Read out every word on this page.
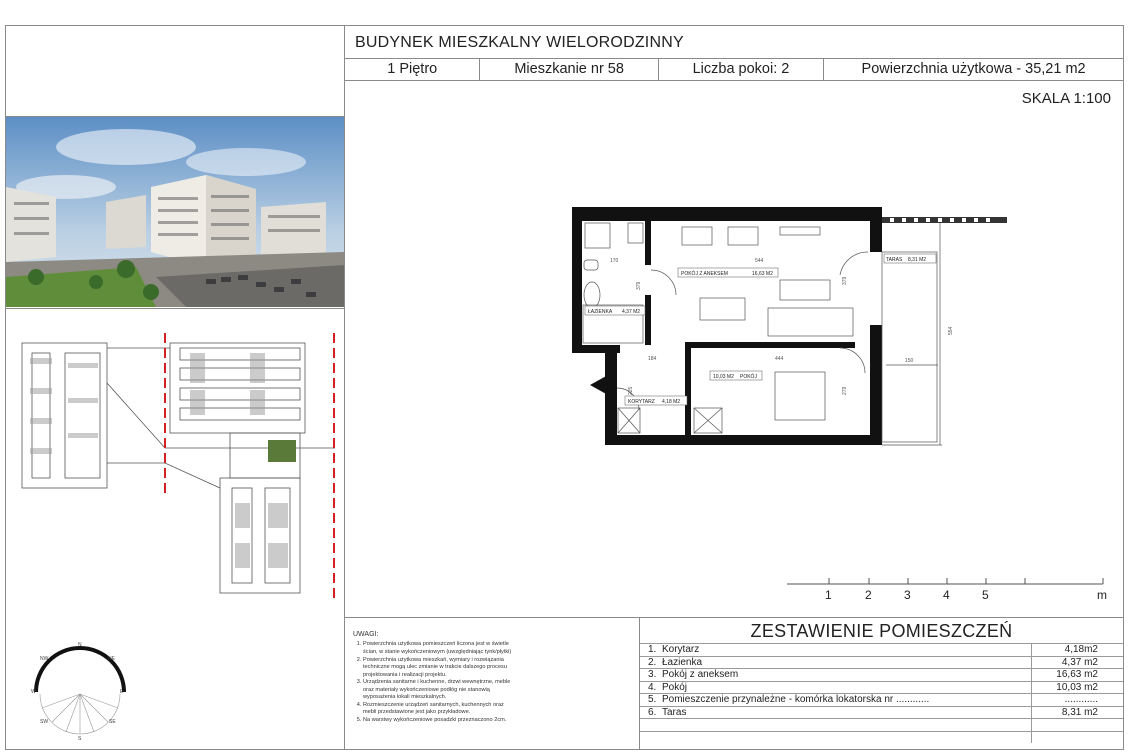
BUDYNEK MIESZKALNY WIELORODZINNY
1 Piętro	Mieszkanie nr 58	Liczba pokoi: 2	Powierzchnia użytkowa - 35,21 m2
SKALA 1:100
POKÓJ Z ANEKSEM	16,63 M2
ŁAZIENKA 4,37 M2
KORYTARZ 4,18 M2
10,03 M2 POKÓJ
TARAS 8,31 M2
544
170
379
184	444	150
554
379
225	279
1	2	3	4	5	m
N
NE
E
SE
S
SW
W
NW
UWAGI:
1. Powierzchnia użytkowa pomieszczeń liczona jest w świetle ścian, w stanie wykończeniowym (uwzględniając tynk/płytki)
2. Powierzchnia użytkowa mieszkań, wymiary i rozwiązania techniczne mogą ulec zmianie w trakcie dalszego procesu projektowania i realizacji projektu.
3. Urządzenia sanitarne i kuchenne, drzwi wewnętrzne, meble oraz materiały wykończeniowe podłóg nie stanowią wyposażenia lokali mieszkalnych.
4. Rozmieszczenie urządzeń sanitarnych, kuchennych oraz mebli przedstawione jest jako przykładowe.
5. Na warstwy wykończeniowe posadzki przeznaczono 2cm.
ZESTAWIENIE POMIESZCZEŃ
1. Korytarz	4,18m2
2. Łazienka	4,37 m2
3. Pokój z aneksem	16,63 m2
4. Pokój	10,03 m2
5. Pomieszczenie przynależne - komórka lokatorska nr ............	............
6. Taras	8,31 m2
